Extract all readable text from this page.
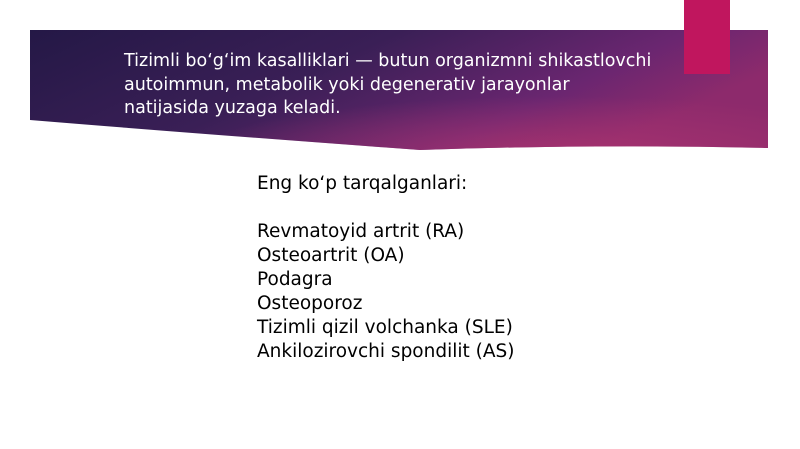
Tizimli bo‘g‘im kasalliklari — butun organizmni shikastlovchi
autoimmun, metabolik yoki degenerativ jarayonlar
natijasida yuzaga keladi.
Eng ko‘p tarqalganlari:
Revmatoyid artrit (RA)
Osteoartrit (OA)
Podagra
Osteoporoz
Tizimli qizil volchanka (SLE)
Ankilozirovchi spondilit (AS)
